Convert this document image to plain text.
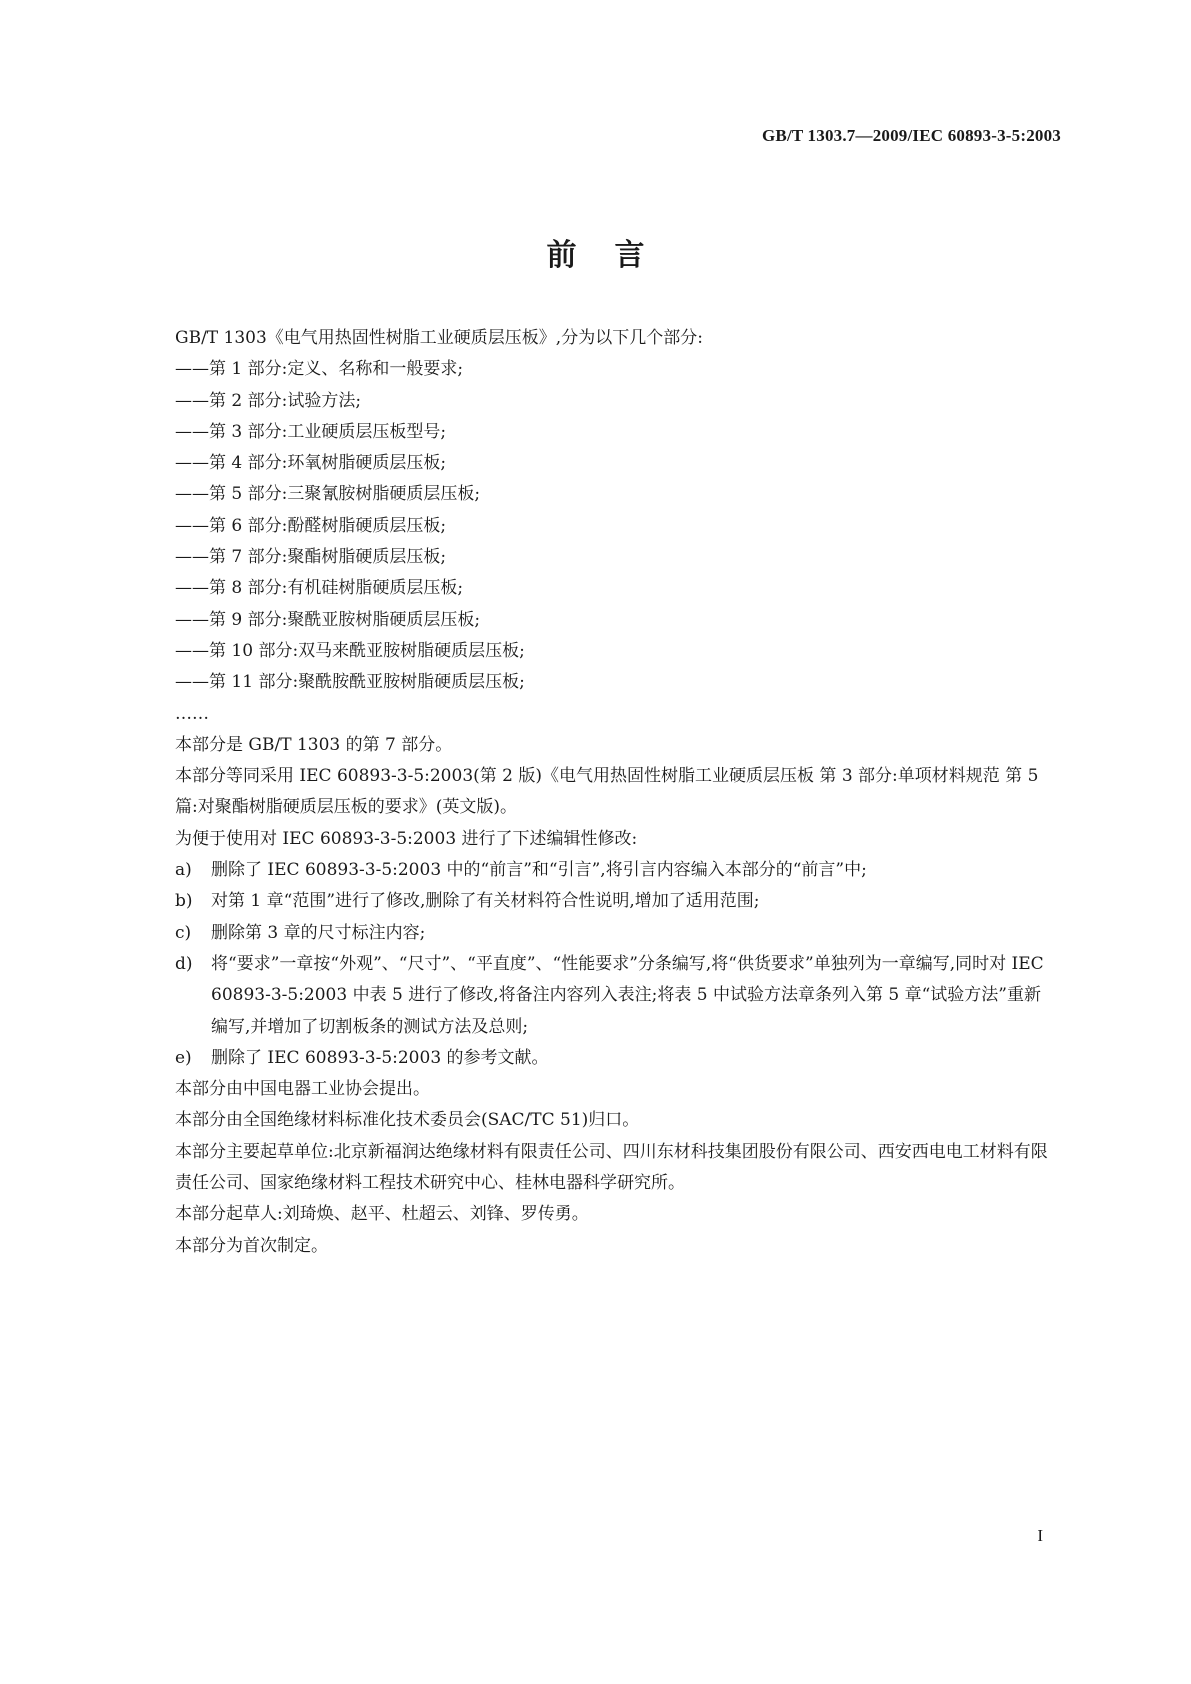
GB/T 1303.7—2009/IEC 60893-3-5:2003
前言

GB/T 1303《电气用热固性树脂工业硬质层压板》,分为以下几个部分:

——第 1 部分:定义、名称和一般要求;

——第 2 部分:试验方法;

——第 3 部分:工业硬质层压板型号;

——第 4 部分:环氧树脂硬质层压板;

——第 5 部分:三聚氰胺树脂硬质层压板;

——第 6 部分:酚醛树脂硬质层压板;

——第 7 部分:聚酯树脂硬质层压板;

——第 8 部分:有机硅树脂硬质层压板;

——第 9 部分:聚酰亚胺树脂硬质层压板;

——第 10 部分:双马来酰亚胺树脂硬质层压板;

——第 11 部分:聚酰胺酰亚胺树脂硬质层压板;

……

本部分是 GB/T 1303 的第 7 部分。

本部分等同采用 IEC 60893-3-5:2003(第 2 版)《电气用热固性树脂工业硬质层压板 第 3 部分:单项材料规范 第 5 篇:对聚酯树脂硬质层压板的要求》(英文版)。

为便于使用对 IEC 60893-3-5:2003 进行了下述编辑性修改:

a)	删除了 IEC 60893-3-5:2003 中的“前言”和“引言”,将引言内容编入本部分的“前言”中;
b)	对第 1 章“范围”进行了修改,删除了有关材料符合性说明,增加了适用范围;
c)	删除第 3 章的尺寸标注内容;
d)	将“要求”一章按“外观”、“尺寸”、“平直度”、“性能要求”分条编写,将“供货要求”单独列为一章编写,同时对 IEC 60893-3-5:2003 中表 5 进行了修改,将备注内容列入表注;将表 5 中试验方法章条列入第 5 章“试验方法”重新编写,并增加了切割板条的测试方法及总则;
e)	删除了 IEC 60893-3-5:2003 的参考文献。

本部分由中国电器工业协会提出。

本部分由全国绝缘材料标准化技术委员会(SAC/TC 51)归口。

本部分主要起草单位:北京新福润达绝缘材料有限责任公司、四川东材科技集团股份有限公司、西安西电电工材料有限责任公司、国家绝缘材料工程技术研究中心、桂林电器科学研究所。

本部分起草人:刘琦焕、赵平、杜超云、刘锋、罗传勇。

本部分为首次制定。

I
